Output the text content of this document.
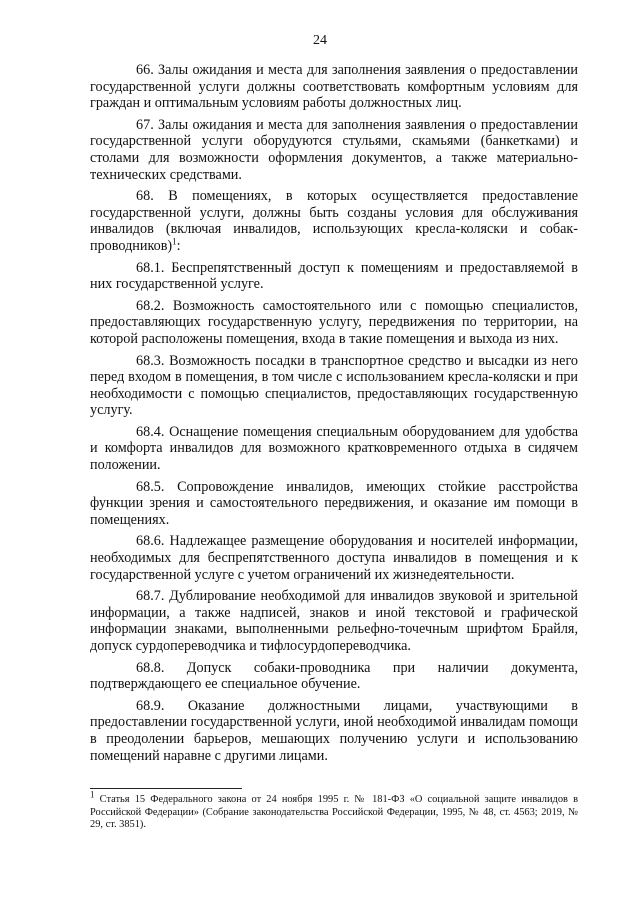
24

66. Залы ожидания и места для заполнения заявления о предоставлении государственной услуги должны соответствовать комфортным условиям для граждан и оптимальным условиям работы должностных лиц.

67. Залы ожидания и места для заполнения заявления о предоставлении государственной услуги оборудуются стульями, скамьями (банкетками) и столами для возможности оформления документов, а также материально-технических средствами.

68. В помещениях, в которых осуществляется предоставление государственной услуги, должны быть созданы условия для обслуживания инвалидов (включая инвалидов, использующих кресла-коляски и собак-проводников)$^1$:

68.1. Беспрепятственный доступ к помещениям и предоставляемой в них государственной услуге.

68.2. Возможность самостоятельного или с помощью специалистов, предоставляющих государственную услугу, передвижения по территории, на которой расположены помещения, входа в такие помещения и выхода из них.

68.3. Возможность посадки в транспортное средство и высадки из него перед входом в помещения, в том числе с использованием кресла-коляски и при необходимости с помощью специалистов, предоставляющих государственную услугу.

68.4. Оснащение помещения специальным оборудованием для удобства и комфорта инвалидов для возможного кратковременного отдыха в сидячем положении.

68.5. Сопровождение инвалидов, имеющих стойкие расстройства функции зрения и самостоятельного передвижения, и оказание им помощи в помещениях.

68.6. Надлежащее размещение оборудования и носителей информации, необходимых для беспрепятственного доступа инвалидов в помещения и к государственной услуге с учетом ограничений их жизнедеятельности.

68.7. Дублирование необходимой для инвалидов звуковой и зрительной информации, а также надписей, знаков и иной текстовой и графической информации знаками, выполненными рельефно-точечным шрифтом Брайля, допуск сурдопереводчика и тифлосурдопереводчика.

68.8. Допуск собаки-проводника при наличии документа, подтверждающего ее специальное обучение.

68.9. Оказание должностными лицами, участвующими в предоставлении государственной услуги, иной необходимой инвалидам помощи в преодолении барьеров, мешающих получению услуги и использованию помещений наравне с другими лицами.

$^1$ Статья 15 Федерального закона от 24 ноября 1995 г. № 181-ФЗ «О социальной защите инвалидов в Российской Федерации» (Собрание законодательства Российской Федерации, 1995, № 48, ст. 4563; 2019, № 29, ст. 3851).
